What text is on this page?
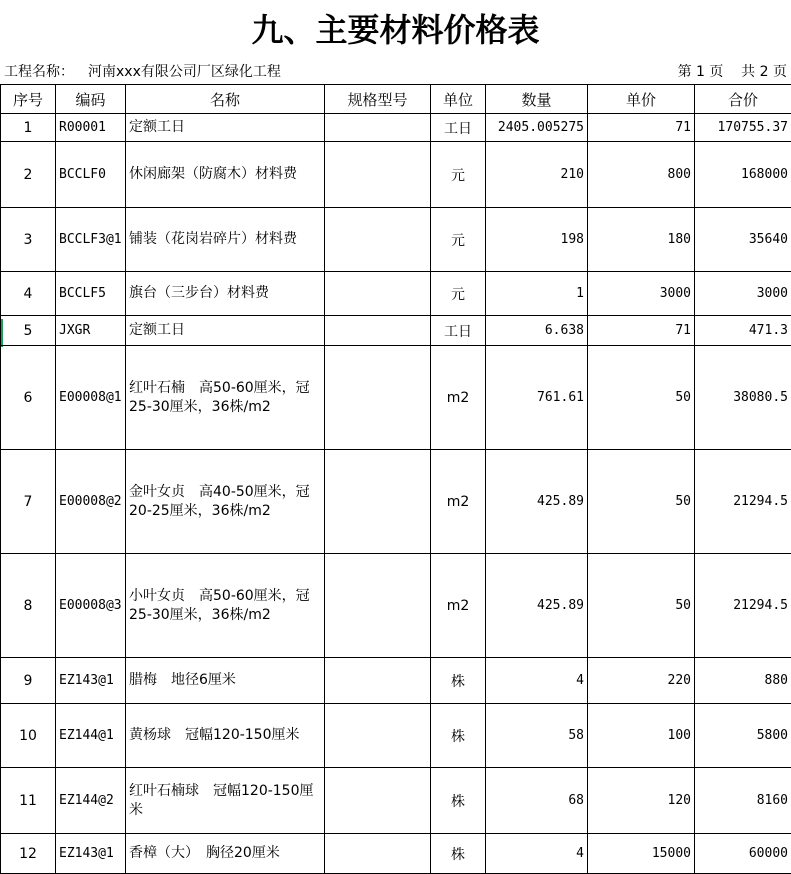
九、主要材料价格表
工程名称： 河南xxx有限公司厂区绿化工程	第 1 页    共 2 页
序号	编码	名称	规格型号	单位	数量	单价	合价
1	R00001	定额工日		工日	2405.005275	71	170755.37
2	BCCLF0	休闲廊架（防腐木）材料费		元	210	800	168000
3	BCCLF3@1	铺装（花岗岩碎片）材料费		元	198	180	35640
4	BCCLF5	旗台（三步台）材料费		元	1	3000	3000
5	JXGR	定额工日		工日	6.638	71	471.3
6	E00008@1	红叶石楠　高50-60厘米，冠25-30厘米，36株/m2		m2	761.61	50	38080.5
7	E00008@2	金叶女贞　高40-50厘米，冠20-25厘米，36株/m2		m2	425.89	50	21294.5
8	E00008@3	小叶女贞　高50-60厘米，冠25-30厘米，36株/m2		m2	425.89	50	21294.5
9	EZ143@1	腊梅　地径6厘米		株	4	220	880
10	EZ144@1	黄杨球　冠幅120-150厘米		株	58	100	5800
11	EZ144@2	红叶石楠球　冠幅120-150厘米		株	68	120	8160
12	EZ143@1	香樟（大）　胸径20厘米		株	4	15000	60000
